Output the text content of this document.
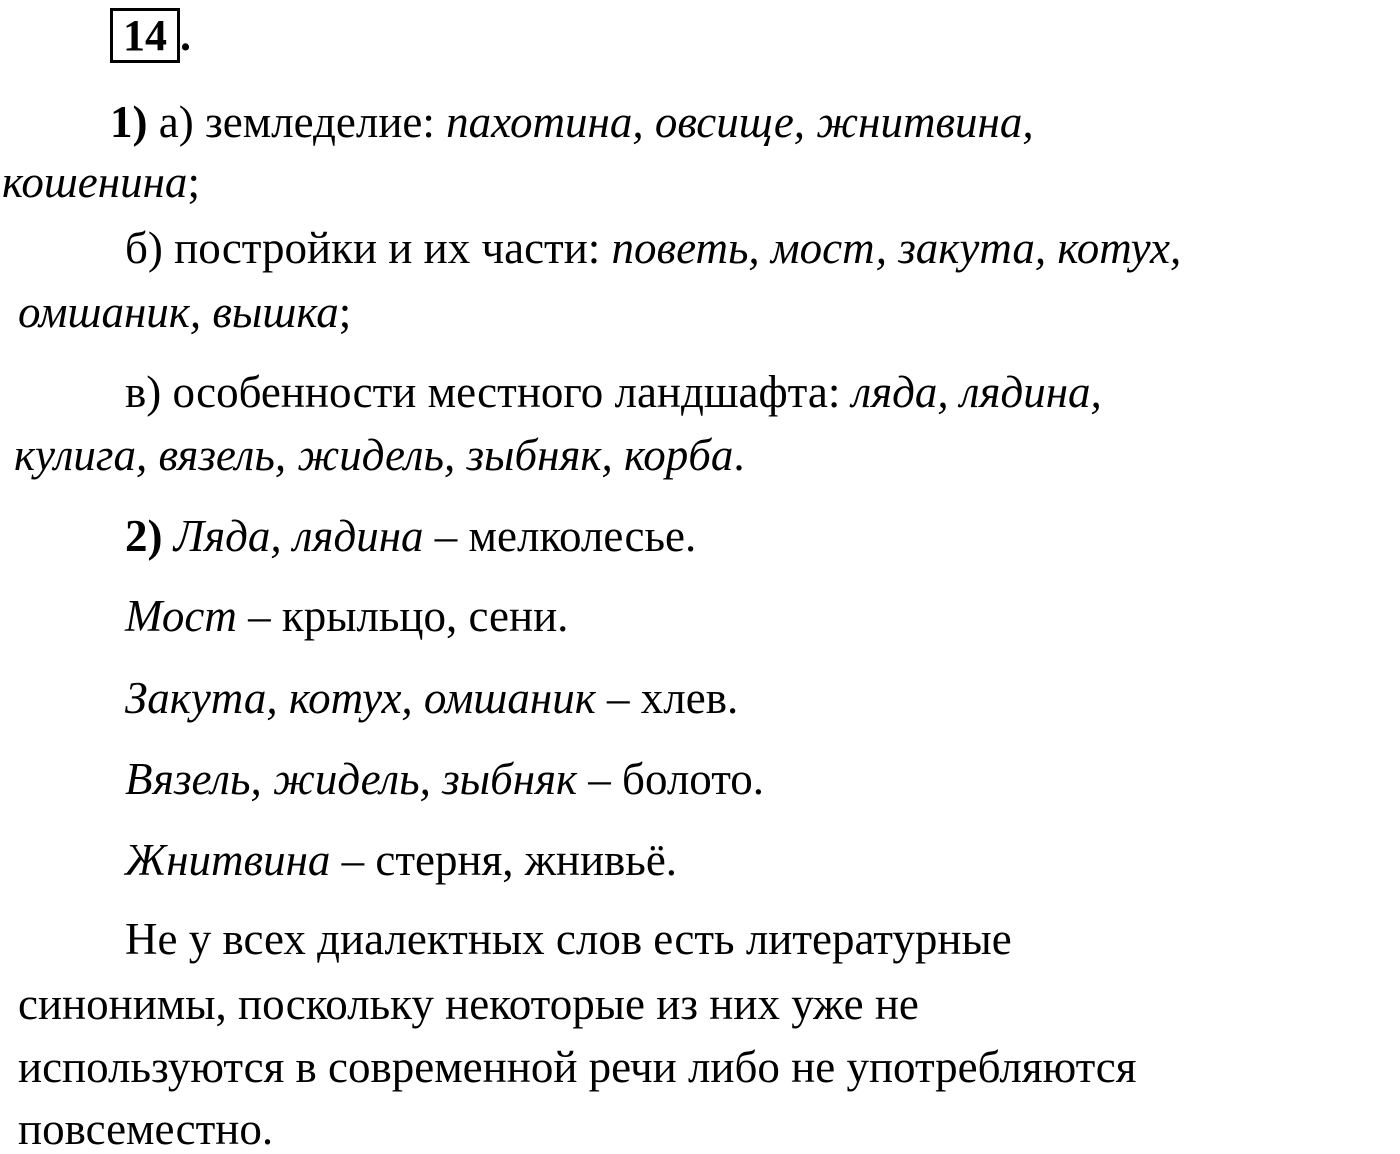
14 .
1) а) земледелие: пахотина, овсище, жнитвина,
кошенина;
б) постройки и их части: поветь, мост, закута, котух,
омшаник, вышка;
в) особенности местного ландшафта: ляда, лядина,
кулига, вязель, жидель, зыбняк, корба.
2) Ляда, лядина – мелколесье.
Мост – крыльцо, сени.
Закута, котух, омшаник – хлев.
Вязель, жидель, зыбняк – болото.
Жнитвина – стерня, жнивьё.
Не у всех диалектных слов есть литературные
синонимы, поскольку некоторые из них уже не
используются в современной речи либо не употребляются
повсеместно.
